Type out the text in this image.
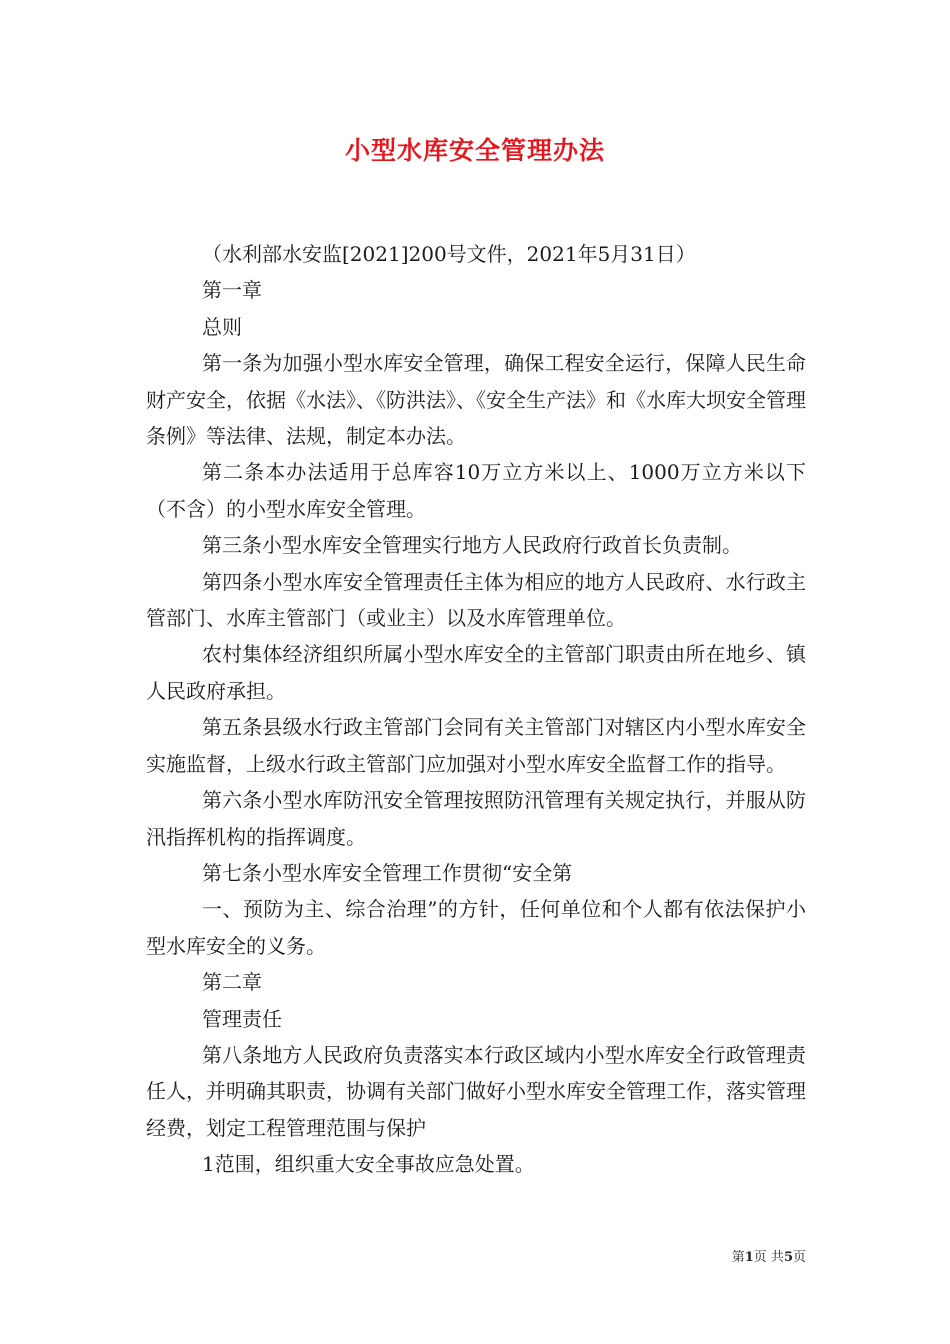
小型水库安全管理办法

（水利部水安监[2021]200号文件，2021年5月31日）

第一章

总则

第一条为加强小型水库安全管理，确保工程安全运行，保障人民生命财产安全，依据《水法》、《防洪法》、《安全生产法》和《水库大坝安全管理条例》等法律、法规，制定本办法。

第二条本办法适用于总库容10万立方米以上、1000万立方米以下（不含）的小型水库安全管理。

第三条小型水库安全管理实行地方人民政府行政首长负责制。

第四条小型水库安全管理责任主体为相应的地方人民政府、水行政主管部门、水库主管部门（或业主）以及水库管理单位。

农村集体经济组织所属小型水库安全的主管部门职责由所在地乡、镇人民政府承担。

第五条县级水行政主管部门会同有关主管部门对辖区内小型水库安全实施监督，上级水行政主管部门应加强对小型水库安全监督工作的指导。

第六条小型水库防汛安全管理按照防汛管理有关规定执行，并服从防汛指挥机构的指挥调度。

第七条小型水库安全管理工作贯彻“安全第

一、预防为主、综合治理”的方针，任何单位和个人都有依法保护小型水库安全的义务。

第二章

管理责任

第八条地方人民政府负责落实本行政区域内小型水库安全行政管理责任人，并明确其职责，协调有关部门做好小型水库安全管理工作，落实管理经费，划定工程管理范围与保护

1范围，组织重大安全事故应急处置。

第1页 共5页
